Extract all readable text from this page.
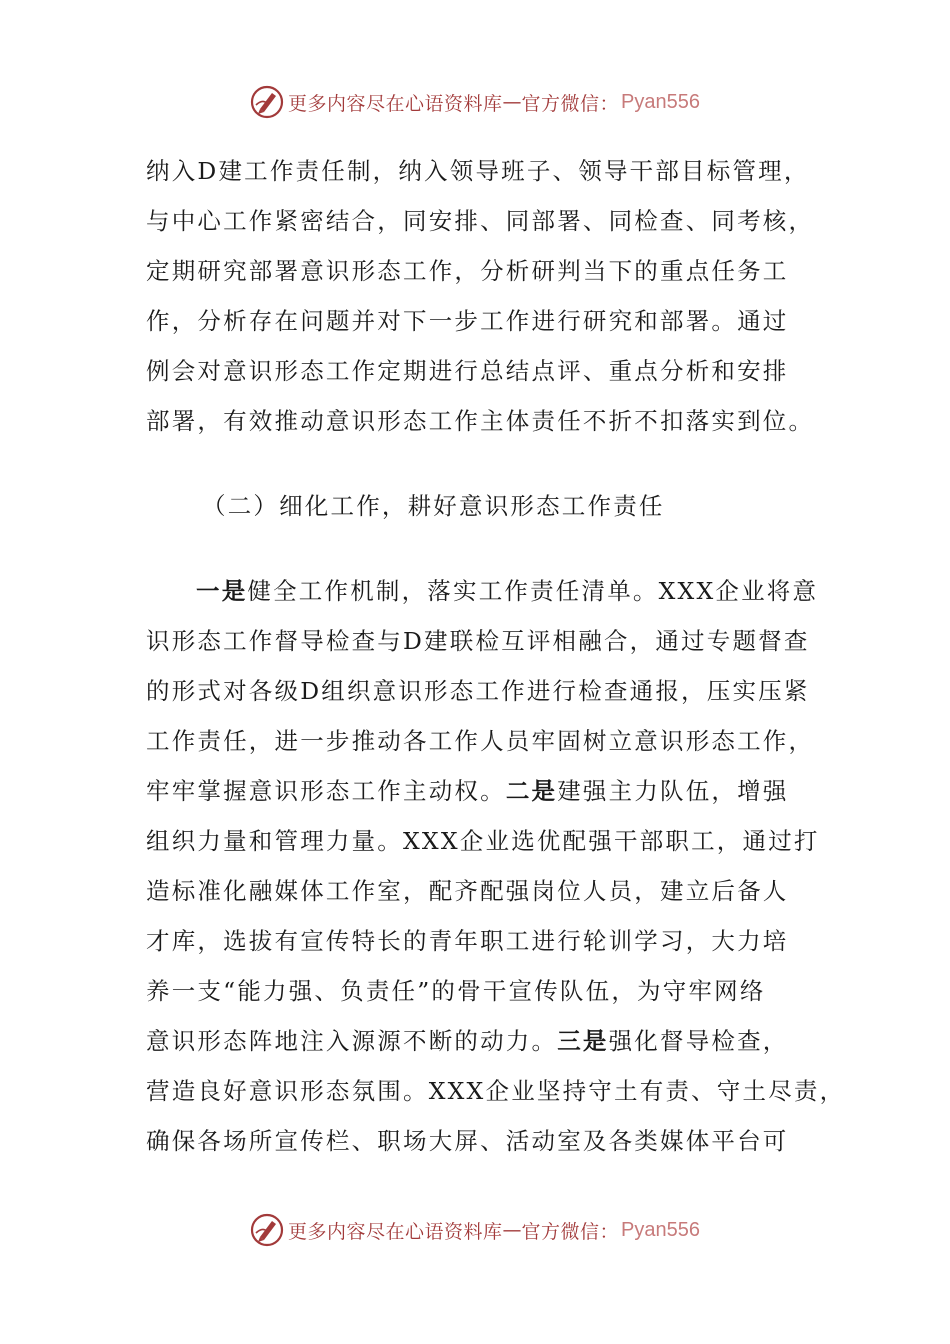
更多内容尽在心语资料库 — 官方微信： Pyan556
纳入D建工作责任制，纳入领导班子、领导干部目标管理，
与中心工作紧密结合，同安排、同部署、同检查、同考核，
定期研究部署意识形态工作，分析研判当下的重点任务工
作，分析存在问题并对下一步工作进行研究和部署。通过
例会对意识形态工作定期进行总结点评、重点分析和安排
部署，有效推动意识形态工作主体责任不折不扣落实到位。
（二）细化工作，耕好意识形态工作责任
一是健全工作机制，落实工作责任清单。XXX企业将意
识形态工作督导检查与D建联检互评相融合，通过专题督查
的形式对各级D组织意识形态工作进行检查通报，压实压紧
工作责任，进一步推动各工作人员牢固树立意识形态工作，
牢牢掌握意识形态工作主动权。二是建强主力队伍，增强
组织力量和管理力量。XXX企业选优配强干部职工，通过打
造标准化融媒体工作室，配齐配强岗位人员，建立后备人
才库，选拔有宣传特长的青年职工进行轮训学习，大力培
养一支“能力强、负责任”的骨干宣传队伍，为守牢网络
意识形态阵地注入源源不断的动力。三是强化督导检查，
营造良好意识形态氛围。XXX企业坚持守土有责、守土尽责，
确保各场所宣传栏、职场大屏、活动室及各类媒体平台可
更多内容尽在心语资料库 — 官方微信： Pyan556
